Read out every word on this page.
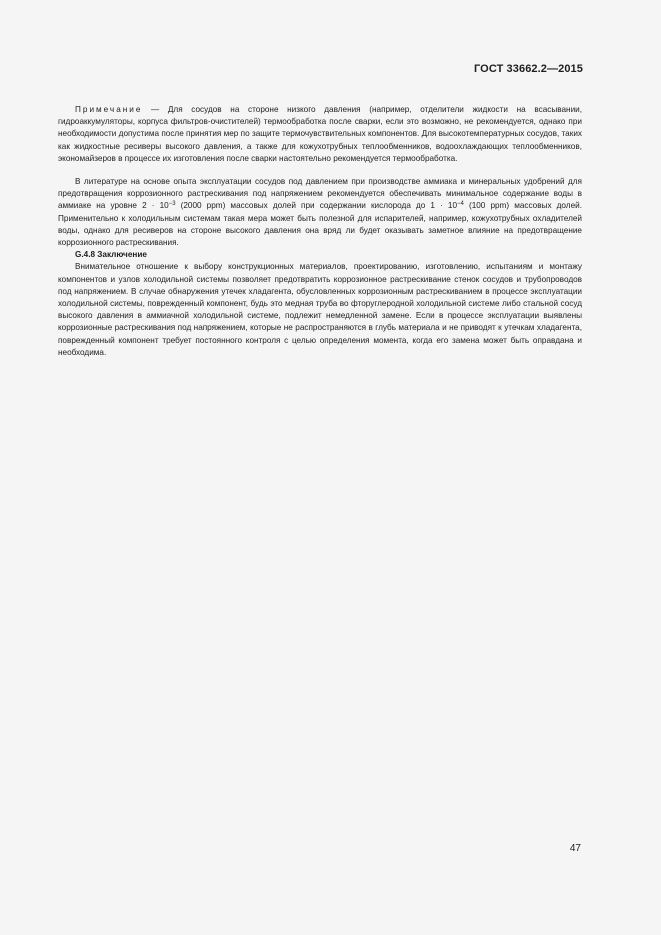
ГОСТ 33662.2—2015

Примечание — Для сосудов на стороне низкого давления (например, отделители жидкости на всасывании, гидроаккумуляторы, корпуса фильтров-очистителей) термообработка после сварки, если это возможно, не рекомендуется, однако при необходимости допустима после принятия мер по защите термочувствительных компонентов. Для высокотемпературных сосудов, таких как жидкостные ресиверы высокого давления, а также для кожухотрубных теплообменников, водоохлаждающих теплообменников, экономайзеров в процессе их изготовления после сварки настоятельно рекомендуется термообработка.

В литературе на основе опыта эксплуатации сосудов под давлением при производстве аммиака и минеральных удобрений для предотвращения коррозионного растрескивания под напряжением рекомендуется обеспечивать минимальное содержание воды в аммиаке на уровне $2 \cdot 10^{-3}$ (2000 ppm) массовых долей при содержании кислорода до $1 \cdot 10^{-4}$ (100 ppm) массовых долей. Применительно к холодильным системам такая мера может быть полезной для испарителей, например, кожухотрубных охладителей воды, однако для ресиверов на стороне высокого давления она вряд ли будет оказывать заметное влияние на предотвращение коррозионного растрескивания.

G.4.8 Заключение

Внимательное отношение к выбору конструкционных материалов, проектированию, изготовлению, испытаниям и монтажу компонентов и узлов холодильной системы позволяет предотвратить коррозионное растрескивание стенок сосудов и трубопроводов под напряжением. В случае обнаружения утечек хладагента, обусловленных коррозионным растрескиванием в процессе эксплуатации холодильной системы, поврежденный компонент, будь это медная труба во фторуглеродной холодильной системе либо стальной сосуд высокого давления в аммиачной холодильной системе, подлежит немедленной замене. Если в процессе эксплуатации выявлены коррозионные растрескивания под напряжением, которые не распространяются в глубь материала и не приводят к утечкам хладагента, поврежденный компонент требует постоянного контроля с целью определения момента, когда его замена может быть оправдана и необходима.

47
